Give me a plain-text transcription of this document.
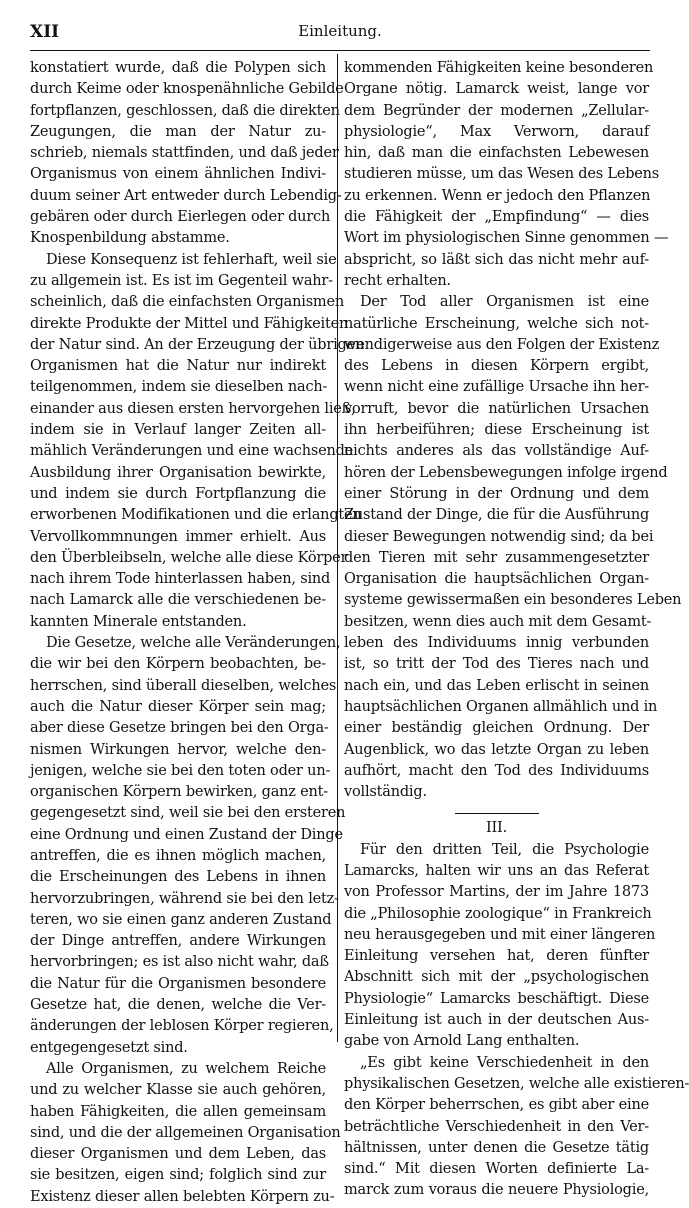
XII	Einleitung.
konstatiert wurde, daß die Polypen sich
durch Keime oder knospenähnliche Gebilde
fortpflanzen, geschlossen, daß die direkten
Zeugungen, die man der Natur zu-
schrieb, niemals stattfinden, und daß jeder
Organismus von einem ähnlichen Indivi-
duum seiner Art entweder durch Lebendig-
gebären oder durch Eierlegen oder durch
Knospenbildung abstamme.
Diese Konsequenz ist fehlerhaft, weil sie
zu allgemein ist. Es ist im Gegenteil wahr-
scheinlich, daß die einfachsten Organismen
direkte Produkte der Mittel und Fähigkeiten
der Natur sind. An der Erzeugung der übrigen
Organismen hat die Natur nur indirekt
teilgenommen, indem sie dieselben nach-
einander aus diesen ersten hervorgehen ließ,
indem sie in Verlauf langer Zeiten all-
mählich Veränderungen und eine wachsende
Ausbildung ihrer Organisation bewirkte,
und indem sie durch Fortpflanzung die
erworbenen Modifikationen und die erlangten
Vervollkommnungen immer erhielt. Aus
den Überbleibseln, welche alle diese Körper
nach ihrem Tode hinterlassen haben, sind
nach Lamarck alle die verschiedenen be-
kannten Minerale entstanden.
Die Gesetze, welche alle Veränderungen,
die wir bei den Körpern beobachten, be-
herrschen, sind überall dieselben, welches
auch die Natur dieser Körper sein mag;
aber diese Gesetze bringen bei den Orga-
nismen Wirkungen hervor, welche den-
jenigen, welche sie bei den toten oder un-
organischen Körpern bewirken, ganz ent-
gegengesetzt sind, weil sie bei den ersteren
eine Ordnung und einen Zustand der Dinge
antreffen, die es ihnen möglich machen,
die Erscheinungen des Lebens in ihnen
hervorzubringen, während sie bei den letz-
teren, wo sie einen ganz anderen Zustand
der Dinge antreffen, andere Wirkungen
hervorbringen; es ist also nicht wahr, daß
die Natur für die Organismen besondere
Gesetze hat, die denen, welche die Ver-
änderungen der leblosen Körper regieren,
entgegengesetzt sind.
Alle Organismen, zu welchem Reiche
und zu welcher Klasse sie auch gehören,
haben Fähigkeiten, die allen gemeinsam
sind, und die der allgemeinen Organisation
dieser Organismen und dem Leben, das
sie besitzen, eigen sind; folglich sind zur
Existenz dieser allen belebten Körpern zu-
kommenden Fähigkeiten keine besonderen
Organe nötig. Lamarck weist, lange vor
dem Begründer der modernen „Zellular-
physiologie“, Max Verworn, darauf
hin, daß man die einfachsten Lebewesen
studieren müsse, um das Wesen des Lebens
zu erkennen. Wenn er jedoch den Pflanzen
die Fähigkeit der „Empfindung“ — dies
Wort im physiologischen Sinne genommen —
abspricht, so läßt sich das nicht mehr auf-
recht erhalten.
Der Tod aller Organismen ist eine
natürliche Erscheinung, welche sich not-
wendigerweise aus den Folgen der Existenz
des Lebens in diesen Körpern ergibt,
wenn nicht eine zufällige Ursache ihn her-
vorruft, bevor die natürlichen Ursachen
ihn herbeiführen; diese Erscheinung ist
nichts anderes als das vollständige Auf-
hören der Lebensbewegungen infolge irgend
einer Störung in der Ordnung und dem
Zustand der Dinge, die für die Ausführung
dieser Bewegungen notwendig sind; da bei
den Tieren mit sehr zusammengesetzter
Organisation die hauptsächlichen Organ-
systeme gewissermaßen ein besonderes Leben
besitzen, wenn dies auch mit dem Gesamt-
leben des Individuums innig verbunden
ist, so tritt der Tod des Tieres nach und
nach ein, und das Leben erlischt in seinen
hauptsächlichen Organen allmählich und in
einer beständig gleichen Ordnung. Der
Augenblick, wo das letzte Organ zu leben
aufhört, macht den Tod des Individuums
vollständig.
III.
Für den dritten Teil, die Psychologie
Lamarcks, halten wir uns an das Referat
von Professor Martins, der im Jahre 1873
die „Philosophie zoologique“ in Frankreich
neu herausgegeben und mit einer längeren
Einleitung versehen hat, deren fünfter
Abschnitt sich mit der „psychologischen
Physiologie“ Lamarcks beschäftigt. Diese
Einleitung ist auch in der deutschen Aus-
gabe von Arnold Lang enthalten.
„Es gibt keine Verschiedenheit in den
physikalischen Gesetzen, welche alle existieren-
den Körper beherrschen, es gibt aber eine
beträchtliche Verschiedenheit in den Ver-
hältnissen, unter denen die Gesetze tätig
sind.“ Mit diesen Worten definierte La-
marck zum voraus die neuere Physiologie,
